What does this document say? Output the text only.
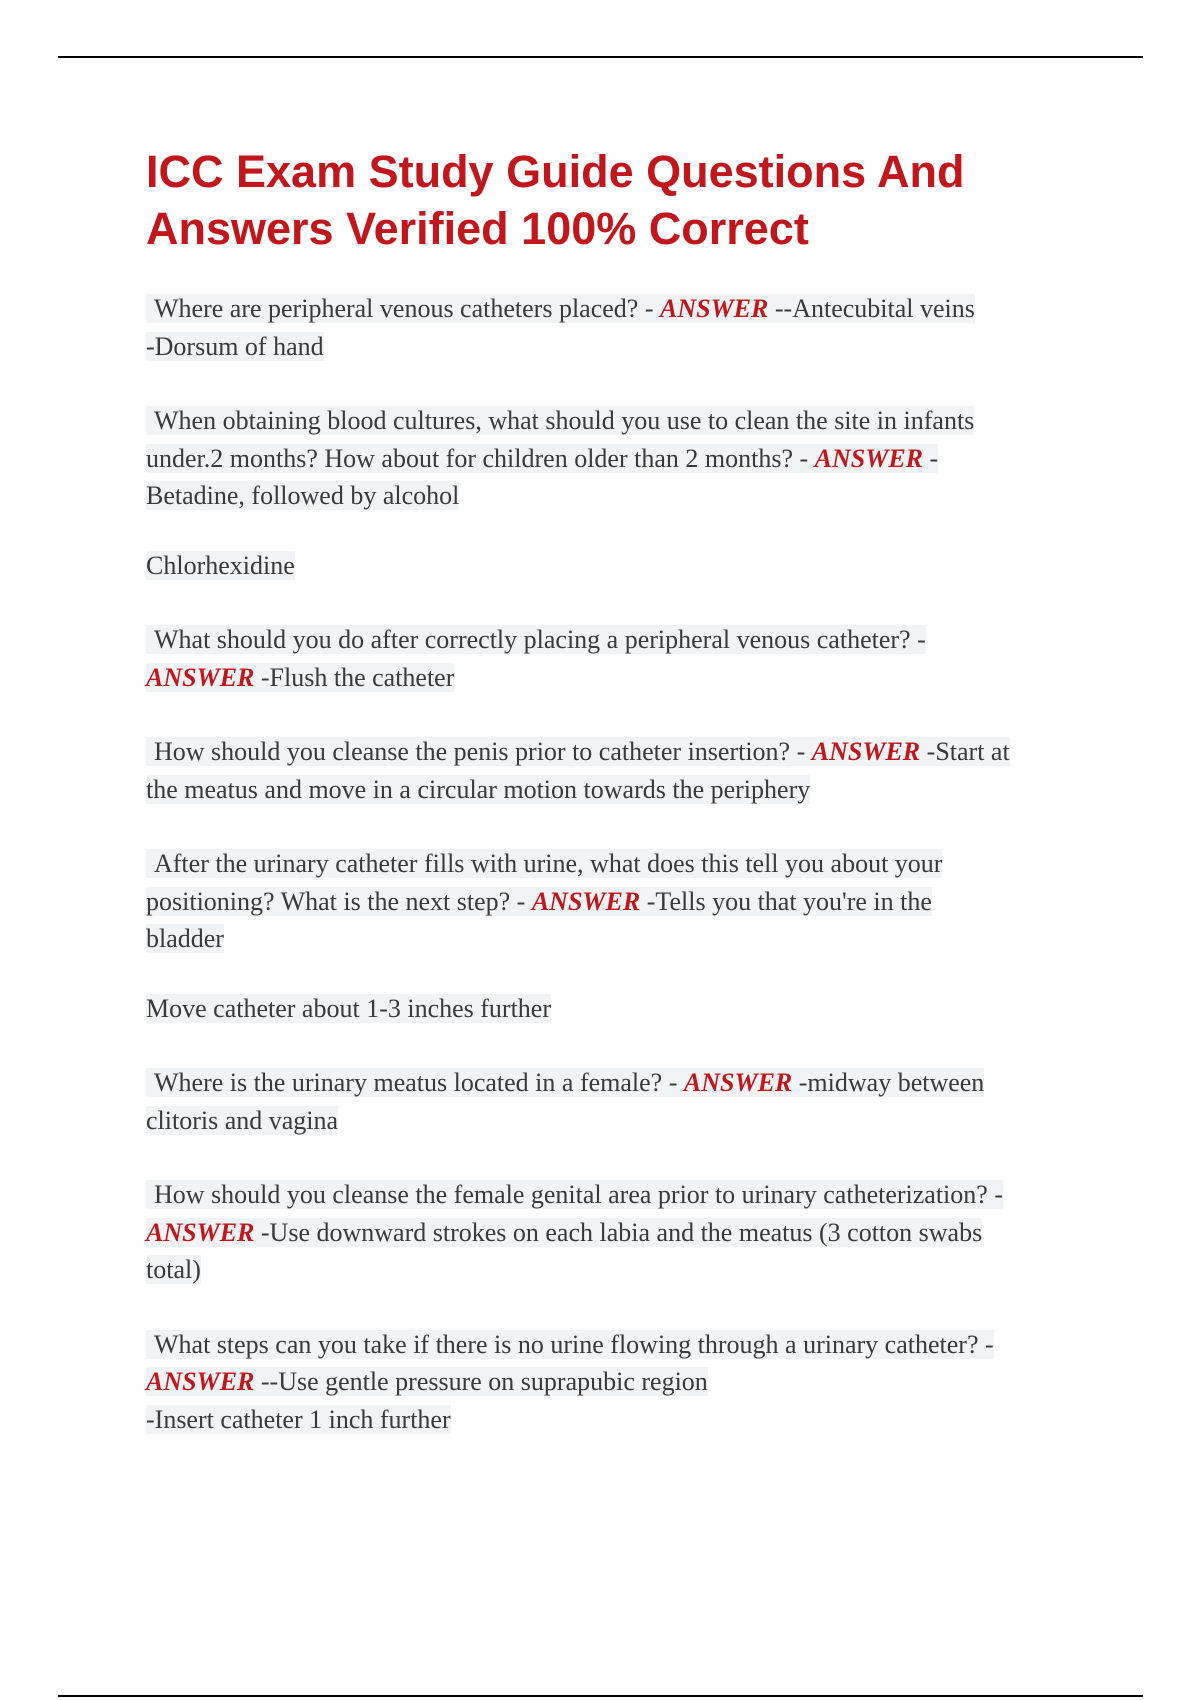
ICC Exam Study Guide Questions And
Answers Verified 100% Correct
Where are peripheral venous catheters placed? - ANSWER --Antecubital veins
-Dorsum of hand
When obtaining blood cultures, what should you use to clean the site in infants
under.2 months? How about for children older than 2 months? - ANSWER -
Betadine, followed by alcohol
Chlorhexidine
What should you do after correctly placing a peripheral venous catheter? -
ANSWER -Flush the catheter
How should you cleanse the penis prior to catheter insertion? - ANSWER -Start at
the meatus and move in a circular motion towards the periphery
After the urinary catheter fills with urine, what does this tell you about your
positioning? What is the next step? - ANSWER -Tells you that you're in the
bladder
Move catheter about 1-3 inches further
Where is the urinary meatus located in a female? - ANSWER -midway between
clitoris and vagina
How should you cleanse the female genital area prior to urinary catheterization? -
ANSWER -Use downward strokes on each labia and the meatus (3 cotton swabs
total)
What steps can you take if there is no urine flowing through a urinary catheter? -
ANSWER --Use gentle pressure on suprapubic region
-Insert catheter 1 inch further
